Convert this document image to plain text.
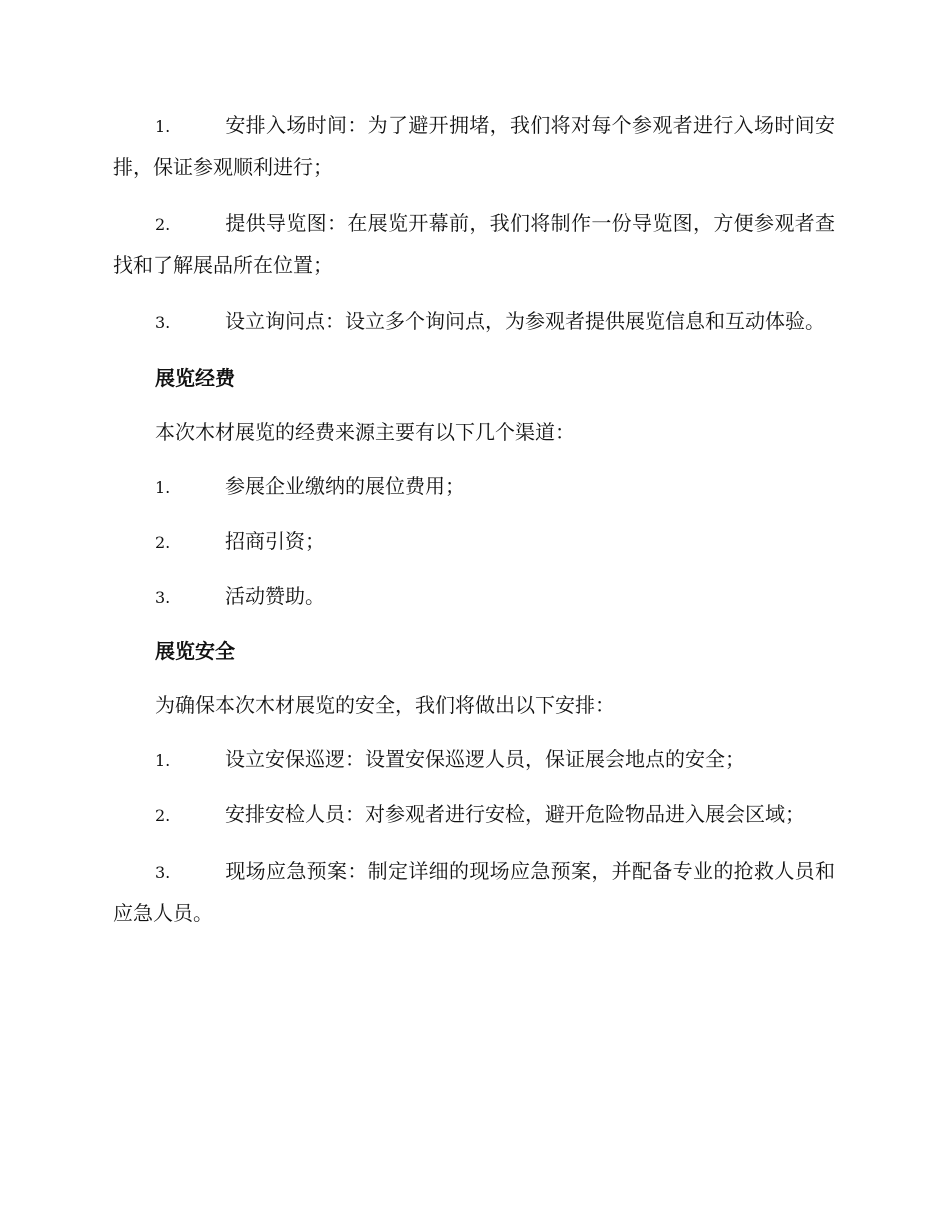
1.	安排入场时间：为了避开拥堵，我们将对每个参观者进行入场时间安排，保证参观顺利进行；

2.	提供导览图：在展览开幕前，我们将制作一份导览图，方便参观者查找和了解展品所在位置；

3.	设立询问点：设立多个询问点，为参观者提供展览信息和互动体验。

展览经费

本次木材展览的经费来源主要有以下几个渠道：

1.	参展企业缴纳的展位费用；

2.	招商引资；

3.	活动赞助。

展览安全

为确保本次木材展览的安全，我们将做出以下安排：

1.	设立安保巡逻：设置安保巡逻人员，保证展会地点的安全；

2.	安排安检人员：对参观者进行安检，避开危险物品进入展会区域；

3.	现场应急预案：制定详细的现场应急预案，并配备专业的抢救人员和应急人员。
